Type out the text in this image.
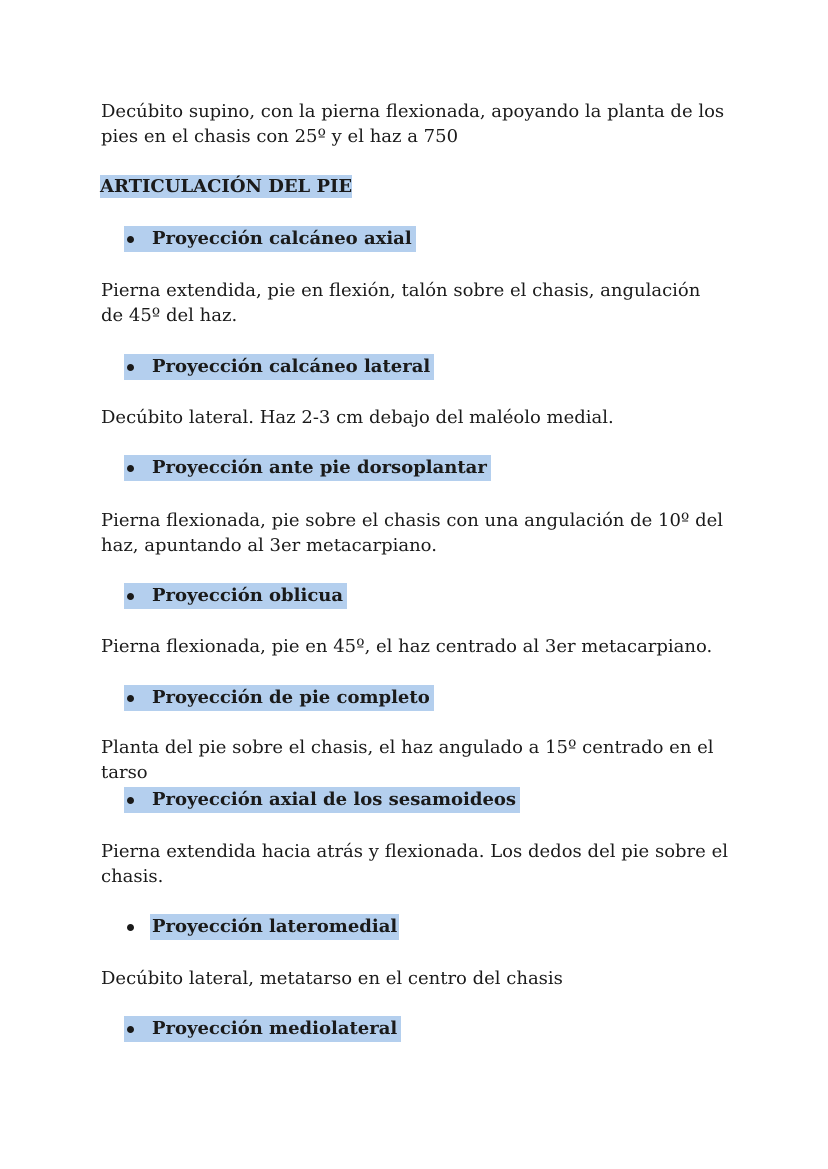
Decúbito supino, con la pierna flexionada, apoyando la planta de los pies en el chasis con 25º y el haz a 750

ARTICULACIÓN DEL PIE

Proyección calcáneo axial

Pierna extendida, pie en flexión, talón sobre el chasis, angulación de 45º del haz.

Proyección calcáneo lateral

Decúbito lateral. Haz 2-3 cm debajo del maléolo medial.

Proyección ante pie dorsoplantar

Pierna flexionada, pie sobre el chasis con una angulación de 10º del haz, apuntando al 3er metacarpiano.

Proyección oblicua

Pierna flexionada, pie en 45º, el haz centrado al 3er metacarpiano.

Proyección de pie completo

Planta del pie sobre el chasis, el haz angulado a 15º centrado en el tarso

Proyección axial de los sesamoideos

Pierna extendida hacia atrás y flexionada. Los dedos del pie sobre el chasis.

Proyección lateromedial

Decúbito lateral, metatarso en el centro del chasis

Proyección mediolateral
